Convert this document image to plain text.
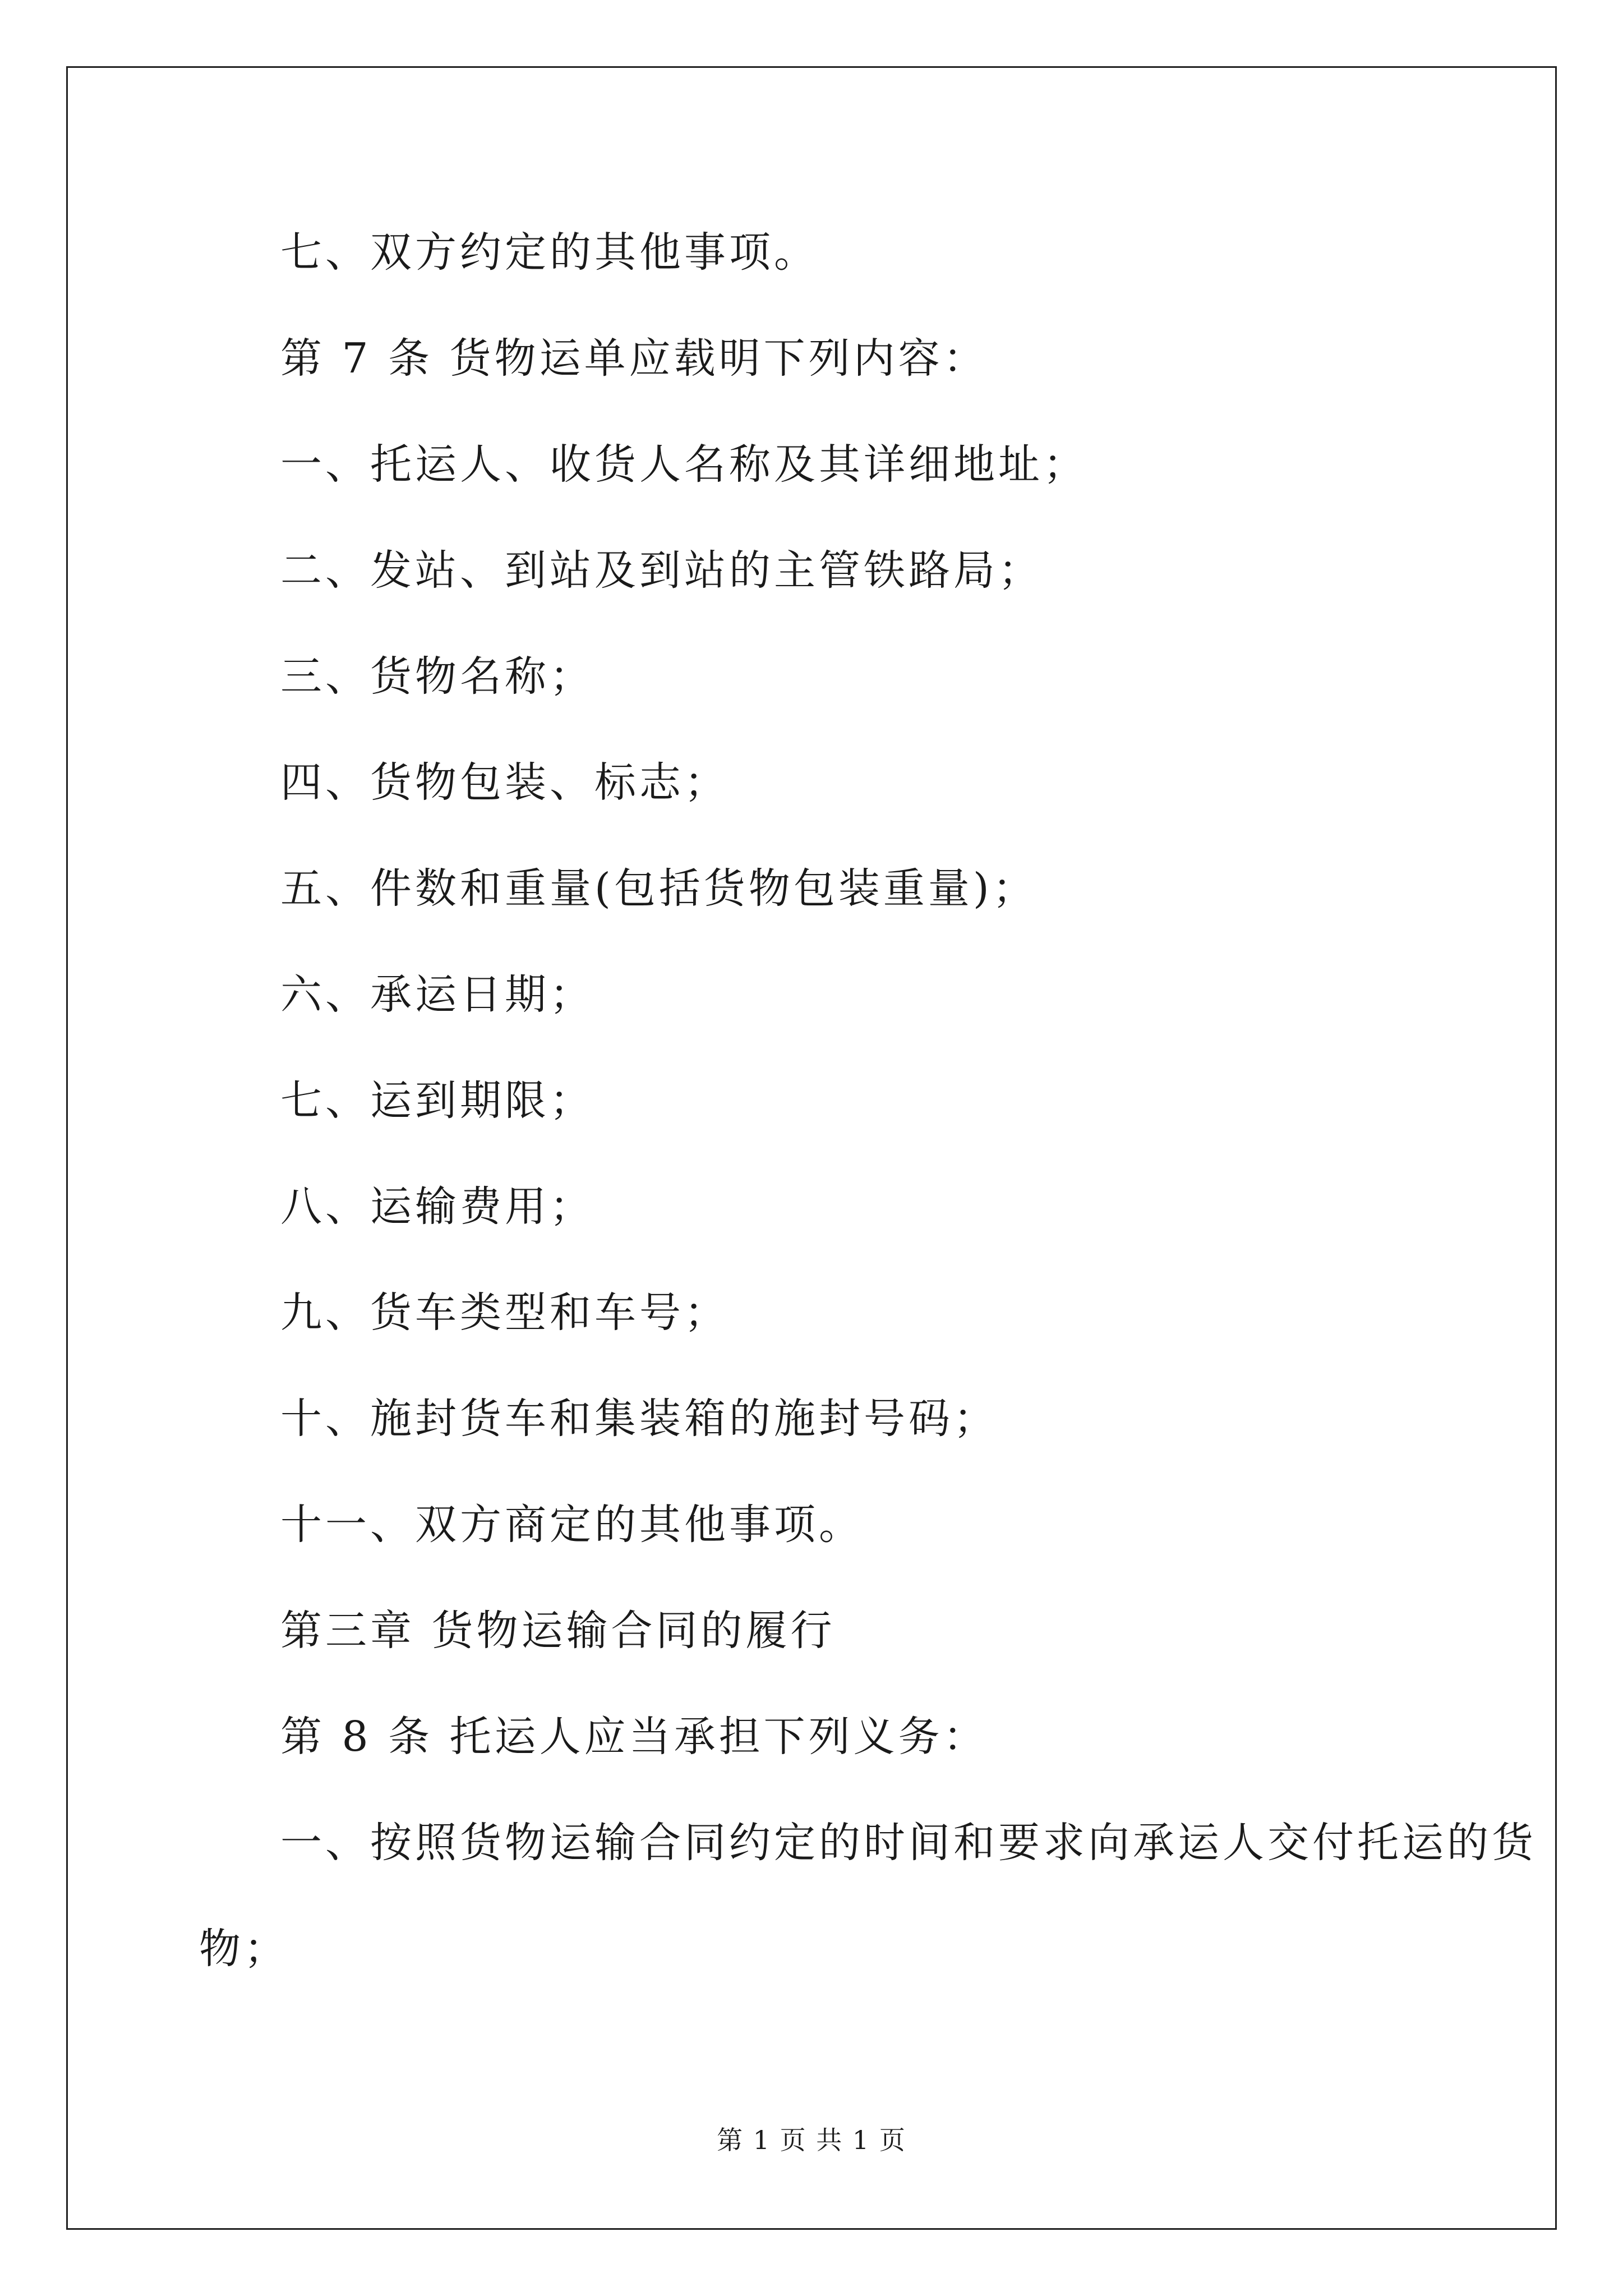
七、双方约定的其他事项。
第 7 条 货物运单应载明下列内容：
一、托运人、收货人名称及其详细地址；
二、发站、到站及到站的主管铁路局；
三、货物名称；
四、货物包装、标志；
五、件数和重量(包括货物包装重量)；
六、承运日期；
七、运到期限；
八、运输费用；
九、货车类型和车号；
十、施封货车和集装箱的施封号码；
十一、双方商定的其他事项。
第三章 货物运输合同的履行
第 8 条 托运人应当承担下列义务：
一、按照货物运输合同约定的时间和要求向承运人交付托运的货
物；
第 1 页 共 1 页
